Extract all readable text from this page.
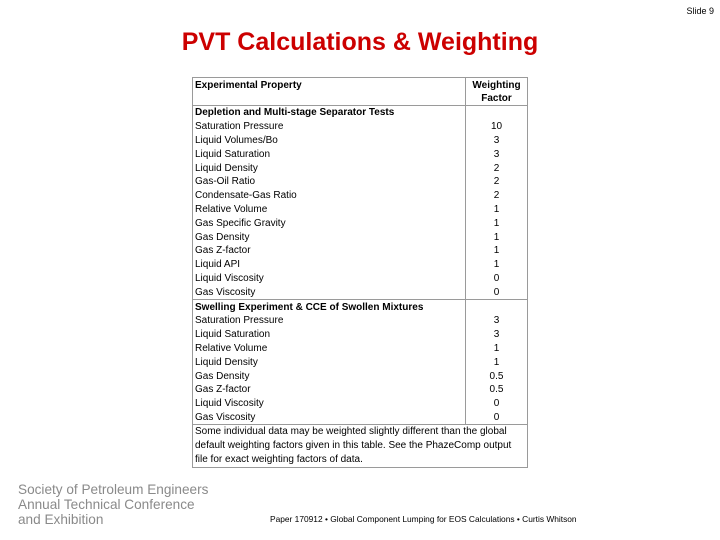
Slide 9
PVT Calculations & Weighting
Experimental Property	Weighting
Factor
Depletion and Multi-stage Separator Tests	
Saturation Pressure	10
Liquid Volumes/Bo	3
Liquid Saturation	3
Liquid Density	2
Gas-Oil Ratio	2
Condensate-Gas Ratio	2
Relative Volume	1
Gas Specific Gravity	1
Gas Density	1
Gas Z-factor	1
Liquid API	1
Liquid Viscosity	0
Gas Viscosity	0
Swelling Experiment & CCE of Swollen Mixtures	
Saturation Pressure	3
Liquid Saturation	3
Relative Volume	1
Liquid Density	1
Gas Density	0.5
Gas Z-factor	0.5
Liquid Viscosity	0
Gas Viscosity	0
Some individual data may be weighted slightly different than the global default weighting factors given in this table. See the PhazeComp output file for exact weighting factors of data.	
Society of Petroleum Engineers
Annual Technical Conference
and Exhibition	Paper 170912 • Global Component Lumping for EOS Calculations • Curtis Whitson
